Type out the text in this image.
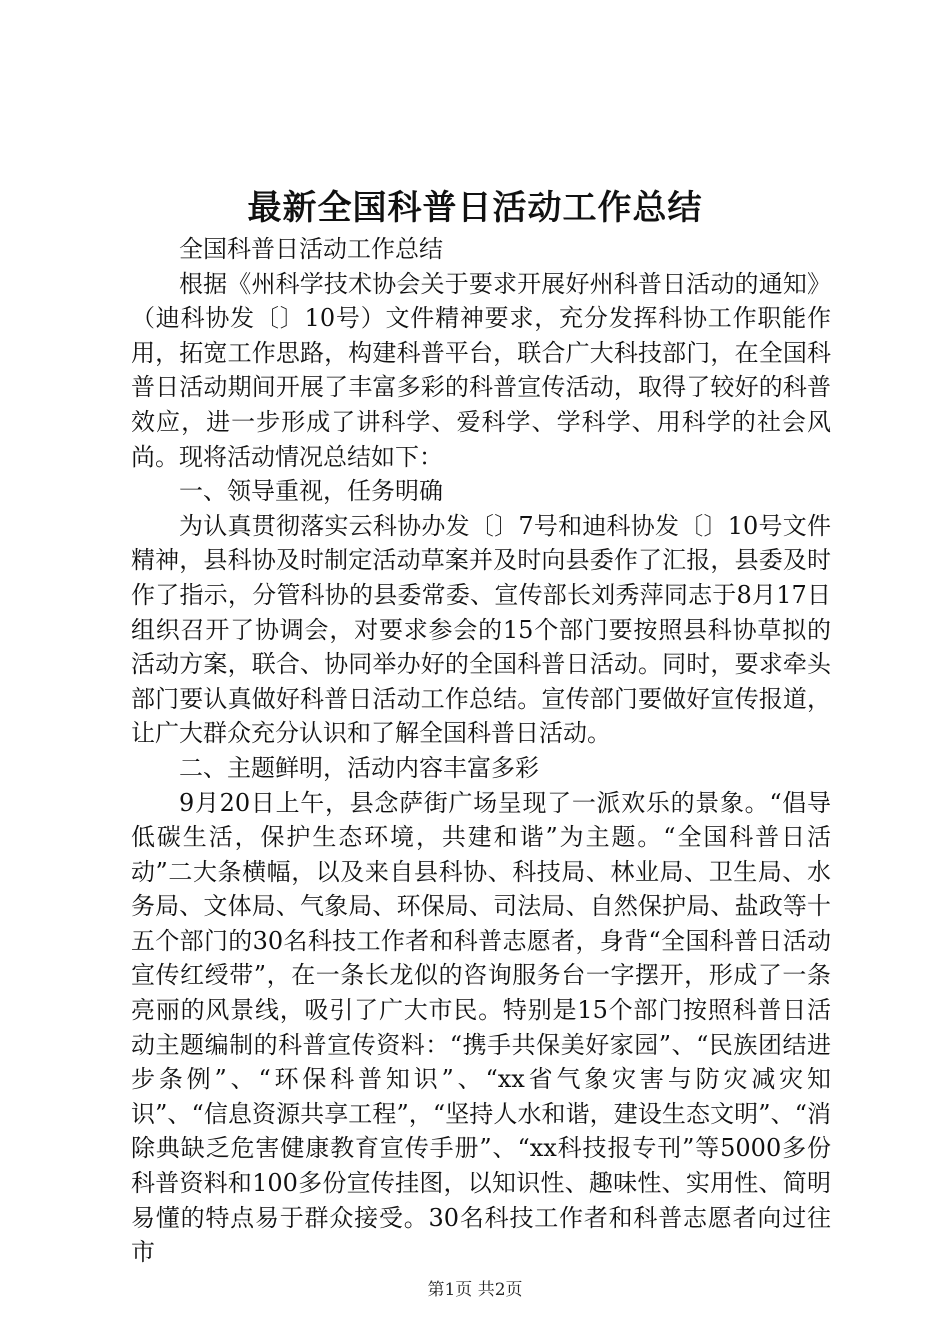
最新全国科普日活动工作总结

全国科普日活动工作总结

根据《州科学技术协会关于要求开展好州科普日活动的通知》（迪科协发〔〕10号）文件精神要求，充分发挥科协工作职能作用，拓宽工作思路，构建科普平台，联合广大科技部门，在全国科普日活动期间开展了丰富多彩的科普宣传活动，取得了较好的科普效应，进一步形成了讲科学、爱科学、学科学、用科学的社会风尚。现将活动情况总结如下：

一、领导重视，任务明确

为认真贯彻落实云科协办发〔〕7号和迪科协发〔〕10号文件精神，县科协及时制定活动草案并及时向县委作了汇报，县委及时作了指示，分管科协的县委常委、宣传部长刘秀萍同志于8月17日组织召开了协调会，对要求参会的15个部门要按照县科协草拟的活动方案，联合、协同举办好的全国科普日活动。同时，要求牵头部门要认真做好科普日活动工作总结。宣传部门要做好宣传报道，让广大群众充分认识和了解全国科普日活动。

二、主题鲜明，活动内容丰富多彩

9月20日上午，县念萨街广场呈现了一派欢乐的景象。“倡导低碳生活，保护生态环境，共建和谐”为主题。“全国科普日活动”二大条横幅，以及来自县科协、科技局、林业局、卫生局、水务局、文体局、气象局、环保局、司法局、自然保护局、盐政等十五个部门的30名科技工作者和科普志愿者，身背“全国科普日活动宣传红绶带”，在一条长龙似的咨询服务台一字摆开，形成了一条亮丽的风景线，吸引了广大市民。特别是15个部门按照科普日活动主题编制的科普宣传资料：“携手共保美好家园”、“民族团结进步条例”、“环保科普知识”、“xx省气象灾害与防灾减灾知识”、“信息资源共享工程”，“坚持人水和谐，建设生态文明”、“消除典缺乏危害健康教育宣传手册”、“xx科技报专刊”等5000多份科普资料和100多份宣传挂图，以知识性、趣味性、实用性、简明易懂的特点易于群众接受。30名科技工作者和科普志愿者向过往市

第1页 共2页
